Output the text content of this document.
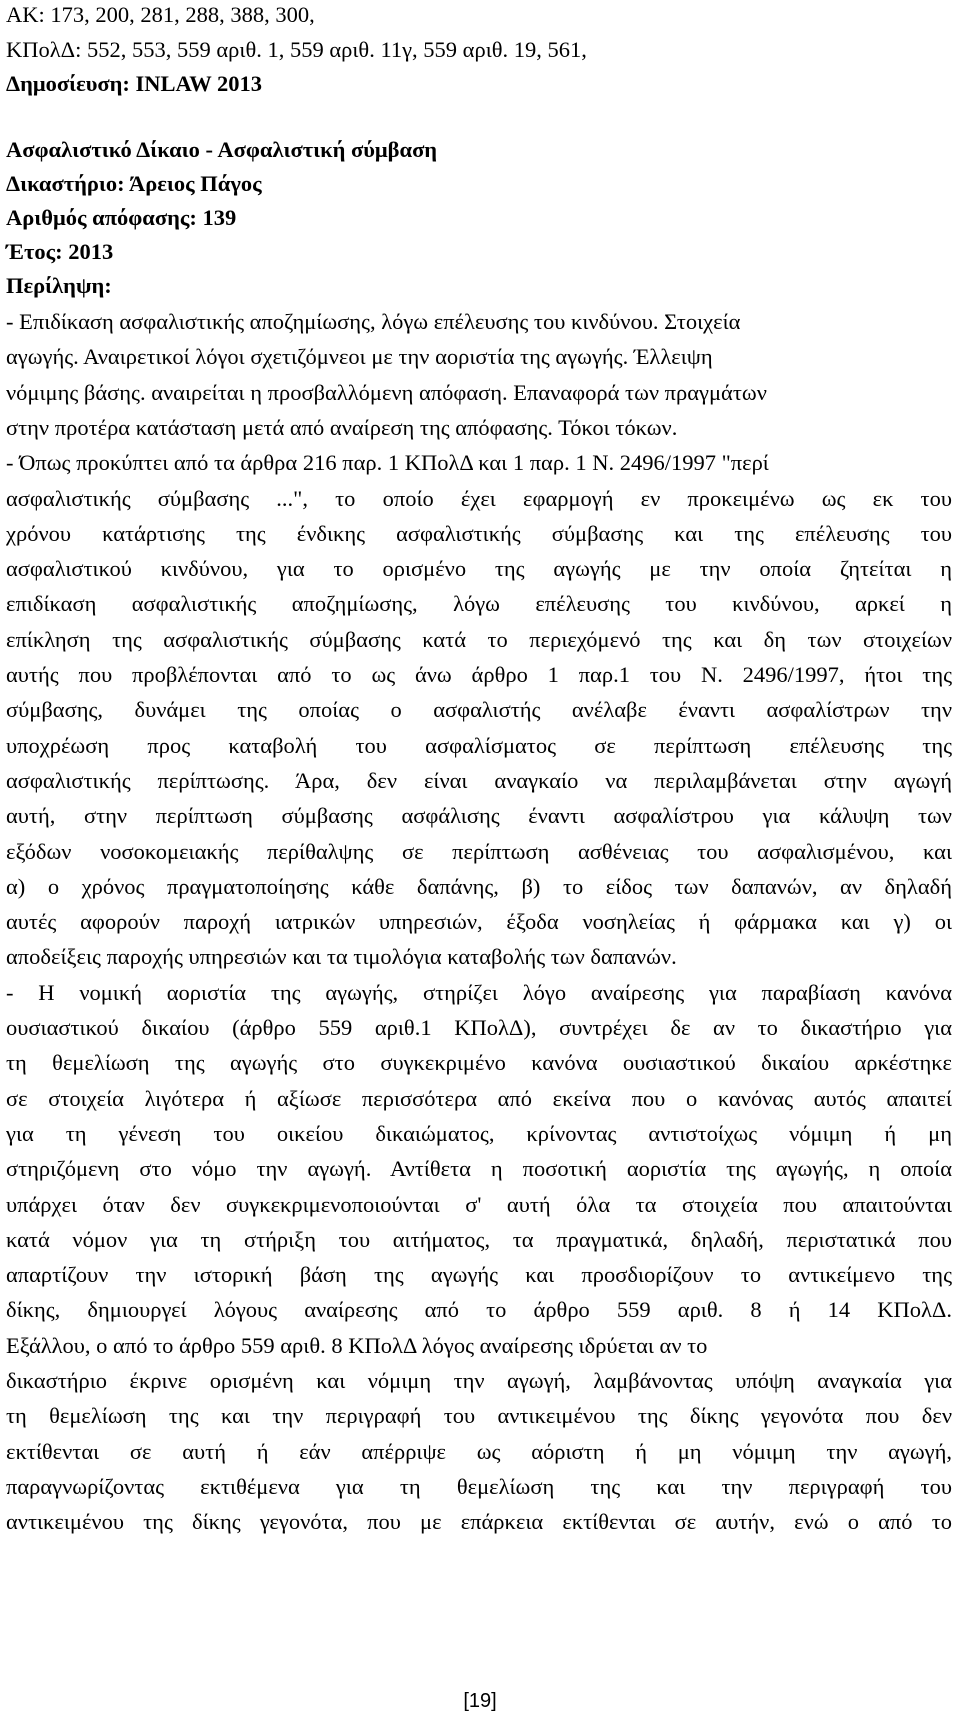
ΑΚ: 173, 200, 281, 288, 388, 300,
ΚΠολΔ: 552, 553, 559 αριθ. 1, 559 αριθ. 11γ, 559 αριθ. 19, 561,
Δημοσίευση: INLAW 2013
Ασφαλιστικό Δίκαιο - Ασφαλιστική σύμβαση
Δικαστήριο: Άρειος Πάγος
Αριθμός απόφασης: 139
Έτος: 2013
Περίληψη:
- Επιδίκαση ασφαλιστικής αποζημίωσης, λόγω επέλευσης του κινδύνου. Στοιχεία
αγωγής. Αναιρετικοί λόγοι σχετιζόμνεοι με την αοριστία της αγωγής. Έλλειψη
νόμιμης βάσης. αναιρείται η προσβαλλόμενη απόφαση. Επαναφορά των πραγμάτων
στην προτέρα κατάσταση μετά από αναίρεση της απόφασης. Τόκοι τόκων.
- Όπως προκύπτει από τα άρθρα 216 παρ. 1 ΚΠολΔ και 1 παρ. 1 Ν. 2496/1997 "περί
ασφαλιστικής σύμβασης ...", το οποίο έχει εφαρμογή εν προκειμένω ως εκ του
χρόνου κατάρτισης της ένδικης ασφαλιστικής σύμβασης και της επέλευσης του
ασφαλιστικού κινδύνου, για το ορισμένο της αγωγής με την οποία ζητείται η
επιδίκαση ασφαλιστικής αποζημίωσης, λόγω επέλευσης του κινδύνου, αρκεί η
επίκληση της ασφαλιστικής σύμβασης κατά το περιεχόμενό της και δη των στοιχείων
αυτής που προβλέπονται από το ως άνω άρθρο 1 παρ.1 του Ν. 2496/1997, ήτοι της
σύμβασης, δυνάμει της οποίας ο ασφαλιστής ανέλαβε έναντι ασφαλίστρων την
υποχρέωση προς καταβολή του ασφαλίσματος σε περίπτωση επέλευσης της
ασφαλιστικής περίπτωσης. Άρα, δεν είναι αναγκαίο να περιλαμβάνεται στην αγωγή
αυτή, στην περίπτωση σύμβασης ασφάλισης έναντι ασφαλίστρου για κάλυψη των
εξόδων νοσοκομειακής περίθαλψης σε περίπτωση ασθένειας του ασφαλισμένου, και
α) ο χρόνος πραγματοποίησης κάθε δαπάνης, β) το είδος των δαπανών, αν δηλαδή
αυτές αφορούν παροχή ιατρικών υπηρεσιών, έξοδα νοσηλείας ή φάρμακα και γ) οι
αποδείξεις παροχής υπηρεσιών και τα τιμολόγια καταβολής των δαπανών.
- Η νομική αοριστία της αγωγής, στηρίζει λόγο αναίρεσης για παραβίαση κανόνα
ουσιαστικού δικαίου (άρθρο 559 αριθ.1 ΚΠολΔ), συντρέχει δε αν το δικαστήριο για
τη θεμελίωση της αγωγής στο συγκεκριμένο κανόνα ουσιαστικού δικαίου αρκέστηκε
σε στοιχεία λιγότερα ή αξίωσε περισσότερα από εκείνα που ο κανόνας αυτός απαιτεί
για τη γένεση του οικείου δικαιώματος, κρίνοντας αντιστοίχως νόμιμη ή μη
στηριζόμενη στο νόμο την αγωγή. Αντίθετα η ποσοτική αοριστία της αγωγής, η οποία
υπάρχει όταν δεν συγκεκριμενοποιούνται σ' αυτή όλα τα στοιχεία που απαιτούνται
κατά νόμον για τη στήριξη του αιτήματος, τα πραγματικά, δηλαδή, περιστατικά που
απαρτίζουν την ιστορική βάση της αγωγής και προσδιορίζουν το αντικείμενο της
δίκης, δημιουργεί λόγους αναίρεσης από το άρθρο 559 αριθ. 8 ή 14 ΚΠολΔ.
Εξάλλου, ο από το άρθρο 559 αριθ. 8 ΚΠολΔ λόγος αναίρεσης ιδρύεται αν το
δικαστήριο έκρινε ορισμένη και νόμιμη την αγωγή, λαμβάνοντας υπόψη αναγκαία για
τη θεμελίωση της και την περιγραφή του αντικειμένου της δίκης γεγονότα που δεν
εκτίθενται σε αυτή ή εάν απέρριψε ως αόριστη ή μη νόμιμη την αγωγή,
παραγνωρίζοντας εκτιθέμενα για τη θεμελίωση της και την περιγραφή του
αντικειμένου της δίκης γεγονότα, που με επάρκεια εκτίθενται σε αυτήν, ενώ ο από το
[19]
